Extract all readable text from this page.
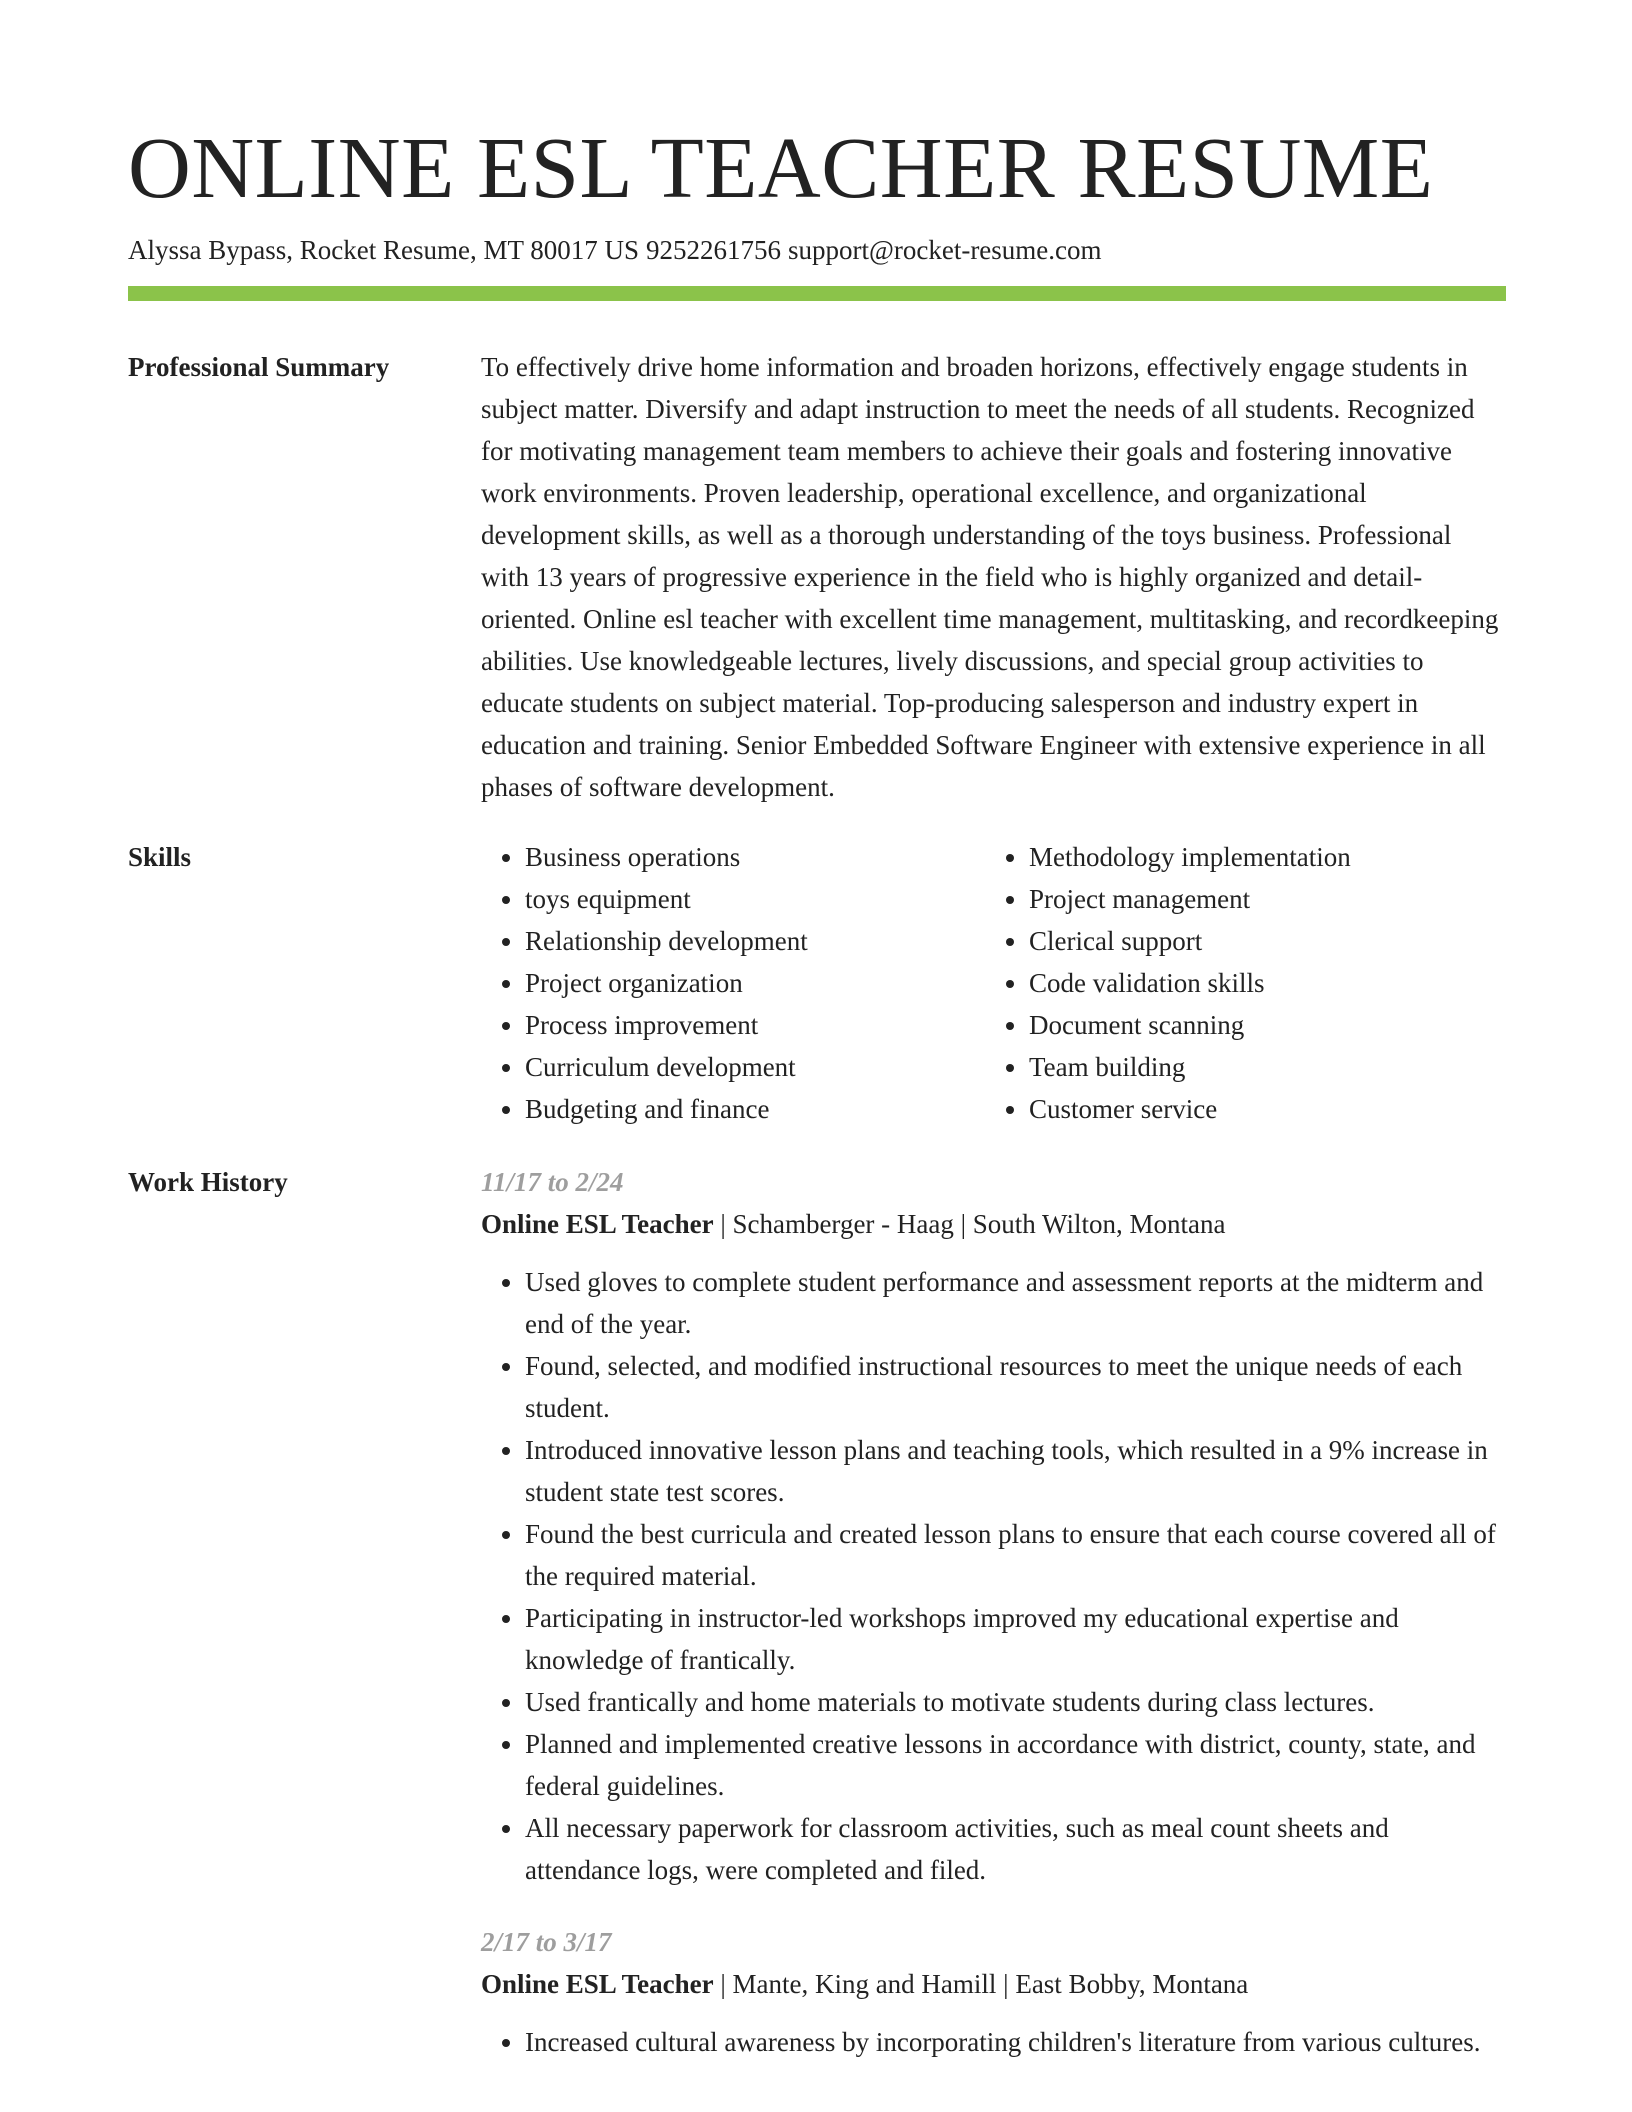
ONLINE ESL TEACHER RESUME
Alyssa Bypass, Rocket Resume, MT 80017 US 9252261756 support@rocket-resume.com
Professional Summary	To effectively drive home information and broaden horizons, effectively engage students in subject matter. Diversify and adapt instruction to meet the needs of all students. Recognized for motivating management team members to achieve their goals and fostering innovative work environments. Proven leadership, operational excellence, and organizational development skills, as well as a thorough understanding of the toys business. Professional with 13 years of progressive experience in the field who is highly organized and detail-oriented. Online esl teacher with excellent time management, multitasking, and recordkeeping abilities. Use knowledgeable lectures, lively discussions, and special group activities to educate students on subject material. Top-producing salesperson and industry expert in education and training. Senior Embedded Software Engineer with extensive experience in all phases of software development.

Skills
•	Business operations
• toys equipment
• Relationship development
• Project organization
• Process improvement
• Curriculum development
• Budgeting and finance
• Methodology implementation
• Project management
• Clerical support
• Code validation skills
• Document scanning
• Team building
• Customer service
Work History	11/17 to 2/24
Online ESL Teacher | Schamberger - Haag | South Wilton, Montana
• Used gloves to complete student performance and assessment reports at the midterm and end of the year.
• Found, selected, and modified instructional resources to meet the unique needs of each student.
• Introduced innovative lesson plans and teaching tools, which resulted in a 9% increase in student state test scores.
• Found the best curricula and created lesson plans to ensure that each course covered all of the required material.
• Participating in instructor-led workshops improved my educational expertise and knowledge of frantically.
• Used frantically and home materials to motivate students during class lectures.
• Planned and implemented creative lessons in accordance with district, county, state, and federal guidelines.
• All necessary paperwork for classroom activities, such as meal count sheets and attendance logs, were completed and filed.
2/17 to 3/17
Online ESL Teacher | Mante, King and Hamill | East Bobby, Montana
• Increased cultural awareness by incorporating children's literature from various cultures.
